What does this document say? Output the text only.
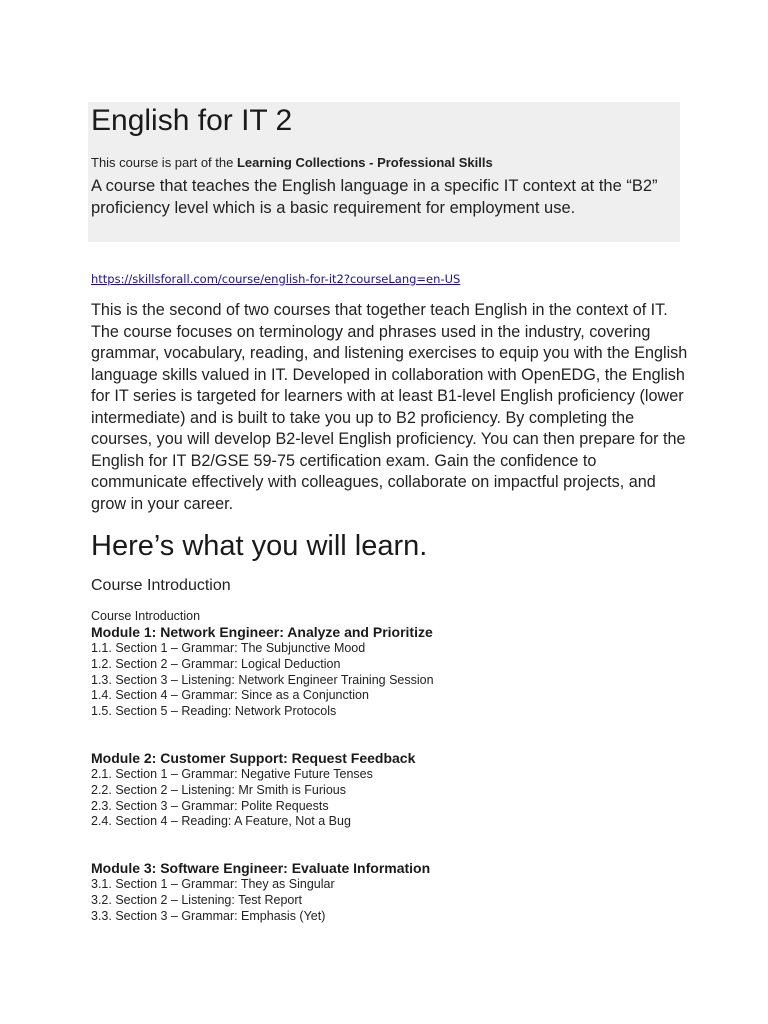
English for IT 2
This course is part of the Learning Collections - Professional Skills
A course that teaches the English language in a specific IT context at the “B2” proficiency level which is a basic requirement for employment use.
https://skillsforall.com/course/english-for-it2?courseLang=en-US

This is the second of two courses that together teach English in the context of IT. The course focuses on terminology and phrases used in the industry, covering grammar, vocabulary, reading, and listening exercises to equip you with the English language skills valued in IT. Developed in collaboration with OpenEDG, the English for IT series is targeted for learners with at least B1-level English proficiency (lower intermediate) and is built to take you up to B2 proficiency. By completing the courses, you will develop B2-level English proficiency. You can then prepare for the English for IT B2/GSE 59-75 certification exam. Gain the confidence to communicate effectively with colleagues, collaborate on impactful projects, and grow in your career.

Here’s what you will learn.
Course Introduction
Course Introduction
Module 1: Network Engineer: Analyze and Prioritize
1.1. Section 1 – Grammar: The Subjunctive Mood
1.2. Section 2 – Grammar: Logical Deduction
1.3. Section 3 – Listening: Network Engineer Training Session
1.4. Section 4 – Grammar: Since as a Conjunction
1.5. Section 5 – Reading: Network Protocols
Module 2: Customer Support: Request Feedback
2.1. Section 1 – Grammar: Negative Future Tenses
2.2. Section 2 – Listening: Mr Smith is Furious
2.3. Section 3 – Grammar: Polite Requests
2.4. Section 4 – Reading: A Feature, Not a Bug
Module 3: Software Engineer: Evaluate Information
3.1. Section 1 – Grammar: They as Singular
3.2. Section 2 – Listening: Test Report
3.3. Section 3 – Grammar: Emphasis (Yet)
